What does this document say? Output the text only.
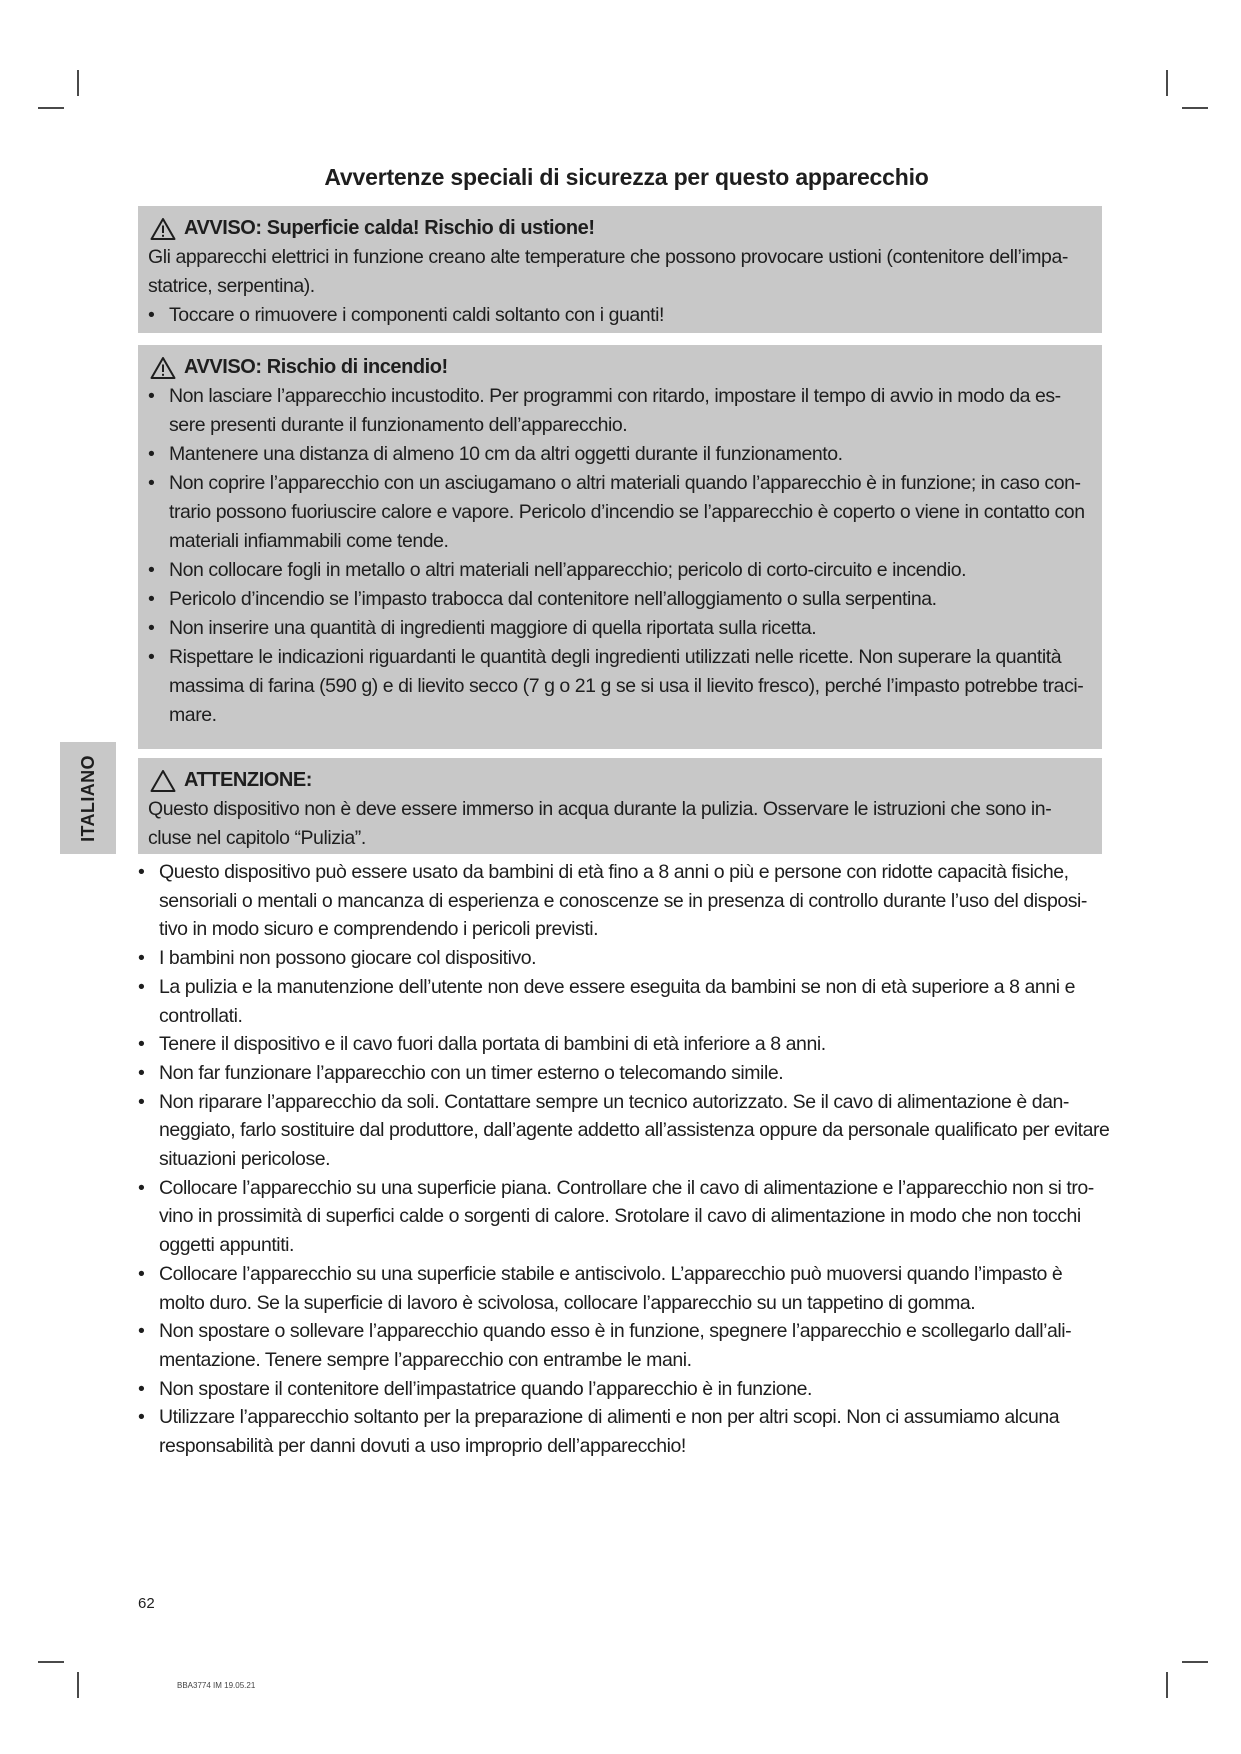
Avvertenze speciali di sicurezza per questo apparecchio
AVVISO: Superficie calda! Rischio di ustione!

Gli apparecchi elettrici in funzione creano alte temperature che possono provocare ustioni (contenitore dell’impa-statrice, serpentina).

• Toccare o rimuovere i componenti caldi soltanto con i guanti!
AVVISO: Rischio di incendio!
• Non lasciare l’apparecchio incustodito. Per programmi con ritardo, impostare il tempo di avvio in modo da es-sere presenti durante il funzionamento dell’apparecchio.
• Mantenere una distanza di almeno 10 cm da altri oggetti durante il funzionamento.
• Non coprire l’apparecchio con un asciugamano o altri materiali quando l’apparecchio è in funzione; in caso con-trario possono fuoriuscire calore e vapore. Pericolo d’incendio se l’apparecchio è coperto o viene in contatto con materiali infiammabili come tende.
• Non collocare fogli in metallo o altri materiali nell’apparecchio; pericolo di corto-circuito e incendio.
• Pericolo d’incendio se l’impasto trabocca dal contenitore nell’alloggiamento o sulla serpentina.
• Non inserire una quantità di ingredienti maggiore di quella riportata sulla ricetta.
• Rispettare le indicazioni riguardanti le quantità degli ingredienti utilizzati nelle ricette. Non superare la quantità massima di farina (590 g) e di lievito secco (7 g o 21 g se si usa il lievito fresco), perché l’impasto potrebbe traci-mare.
ATTENZIONE:

Questo dispositivo non è deve essere immerso in acqua durante la pulizia. Osservare le istruzioni che sono in-cluse nel capitolo “Pulizia”.

ITALIANO
• Questo dispositivo può essere usato da bambini di età fino a 8 anni o più e persone con ridotte capacità fisiche, sensoriali o mentali o mancanza di esperienza e conoscenze se in presenza di controllo durante l’uso del disposi-tivo in modo sicuro e comprendendo i pericoli previsti.
• I bambini non possono giocare col dispositivo.
• La pulizia e la manutenzione dell’utente non deve essere eseguita da bambini se non di età superiore a 8 anni e controllati.
• Tenere il dispositivo e il cavo fuori dalla portata di bambini di età inferiore a 8 anni.
• Non far funzionare l’apparecchio con un timer esterno o telecomando simile.
• Non riparare l’apparecchio da soli. Contattare sempre un tecnico autorizzato. Se il cavo di alimentazione è dan-neggiato, farlo sostituire dal produttore, dall’agente addetto all’assistenza oppure da personale qualificato per evitare situazioni pericolose.
• Collocare l’apparecchio su una superficie piana. Controllare che il cavo di alimentazione e l’apparecchio non si tro-vino in prossimità di superfici calde o sorgenti di calore. Srotolare il cavo di alimentazione in modo che non tocchi oggetti appuntiti.
• Collocare l’apparecchio su una superficie stabile e antiscivolo. L’apparecchio può muoversi quando l’impasto è molto duro. Se la superficie di lavoro è scivolosa, collocare l’apparecchio su un tappetino di gomma.
• Non spostare o sollevare l’apparecchio quando esso è in funzione, spegnere l’apparecchio e scollegarlo dall’ali-mentazione. Tenere sempre l’apparecchio con entrambe le mani.
• Non spostare il contenitore dell’impastatrice quando l’apparecchio è in funzione.
• Utilizzare l’apparecchio soltanto per la preparazione di alimenti e non per altri scopi. Non ci assumiamo alcuna responsabilità per danni dovuti a uso improprio dell’apparecchio!
62
BBA3774 IM 19.05.21
